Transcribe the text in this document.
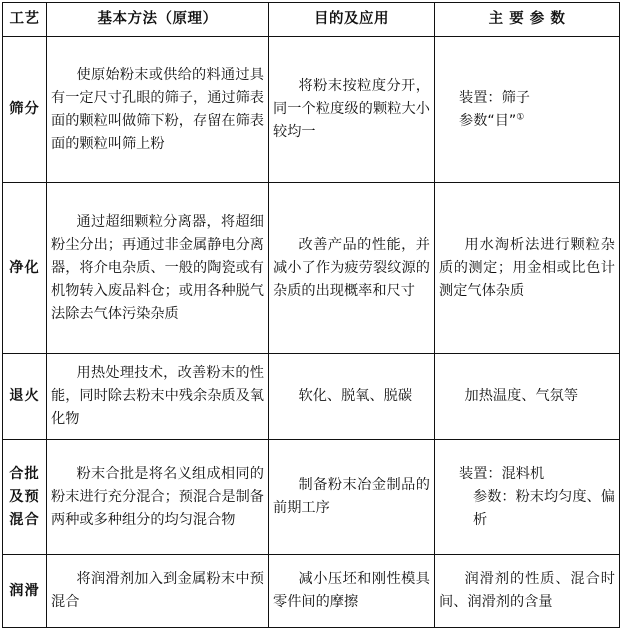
工艺	基本方法（原理）	目的及应用	主 要 参 数
筛分	使原始粉末或供给的料通过具有一定尺寸孔眼的筛子，通过筛表面的颗粒叫做筛下粉，存留在筛表面的颗粒叫筛上粉	将粉末按粒度分开，同一个粒度级的颗粒大小较均一	装置：筛子
参数“目”①

净化	通过超细颗粒分离器，将超细粉尘分出；再通过非金属静电分离器，将介电杂质、一般的陶瓷或有机物转入废品料仓；或用各种脱气法除去气体污染杂质	改善产品的性能，并减小了作为疲劳裂纹源的杂质的出现概率和尺寸	用水淘析法进行颗粒杂质的测定；用金相或比色计测定气体杂质

退火	用热处理技术，改善粉末的性能，同时除去粉末中残余杂质及氧化物	软化、脱氧、脱碳	加热温度、气氛等

合批及预混合	粉末合批是将名义组成相同的粉末进行充分混合；预混合是制备两种或多种组分的均匀混合物	制备粉末冶金制品的前期工序	装置：混料机
参数：粉末均匀度、偏析

润滑	将润滑剂加入到金属粉末中预混合	减小压坯和刚性模具零件间的摩擦	润滑剂的性质、混合时间、润滑剂的含量
